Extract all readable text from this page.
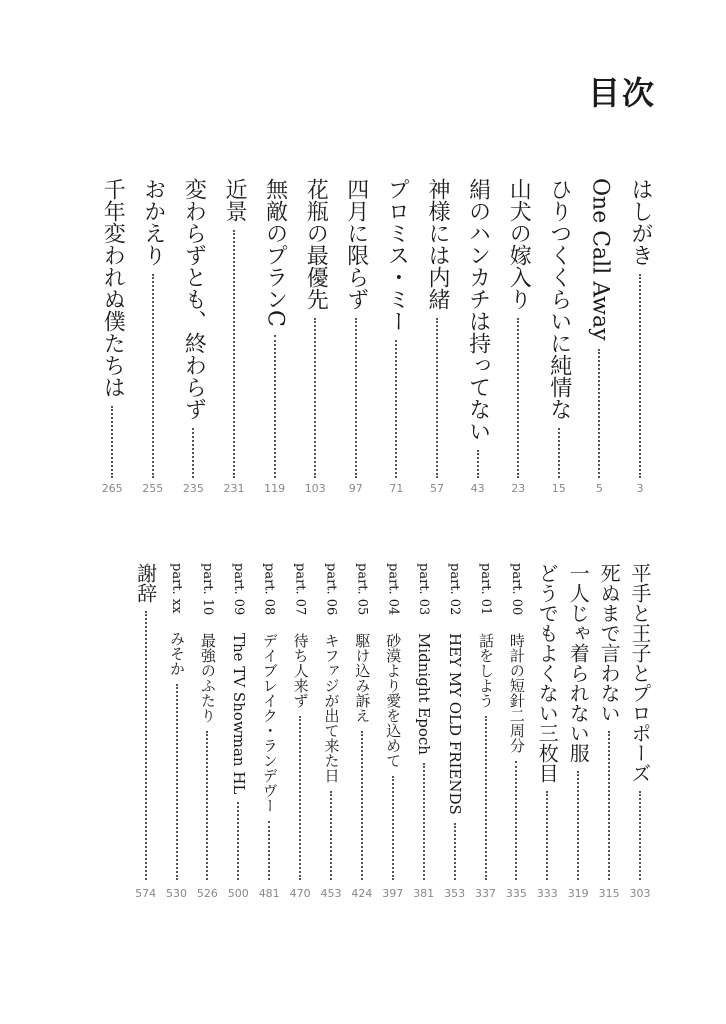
目次
はしがき
3
One Call Away
5
ひりつくくらいに純情な
15
山犬の嫁入り
23
絹のハンカチは持ってない
43
神様には内緒
57
プロミス・ミー
71
四月に限らず
97
花瓶の最優先
103
無敵のプランC
119
近景
231
変わらずとも、終わらず
235
おかえり
255
千年変われぬ僕たちは
265
平手と王子とプロポーズ
303
死ぬまで言わない
315
一人じゃ着られない服
319
どうでもよくない三枚目
333
part. 00
時計の短針二周分
335
part. 01
話をしよう
337
part. 02
HEY MY OLD FRIENDS
353
part. 03
Midnight Epoch
381
part. 04
砂漠より愛を込めて
397
part. 05
駆け込み訴え
424
part. 06
キファジが出て来た日
453
part. 07
待ち人来ず
470
part. 08
デイブレイク・ランデヴー
481
part. 09
The TV Showman HL
500
part. 10
最強のふたり
526
part. xx
みそか
530
謝辞
574
